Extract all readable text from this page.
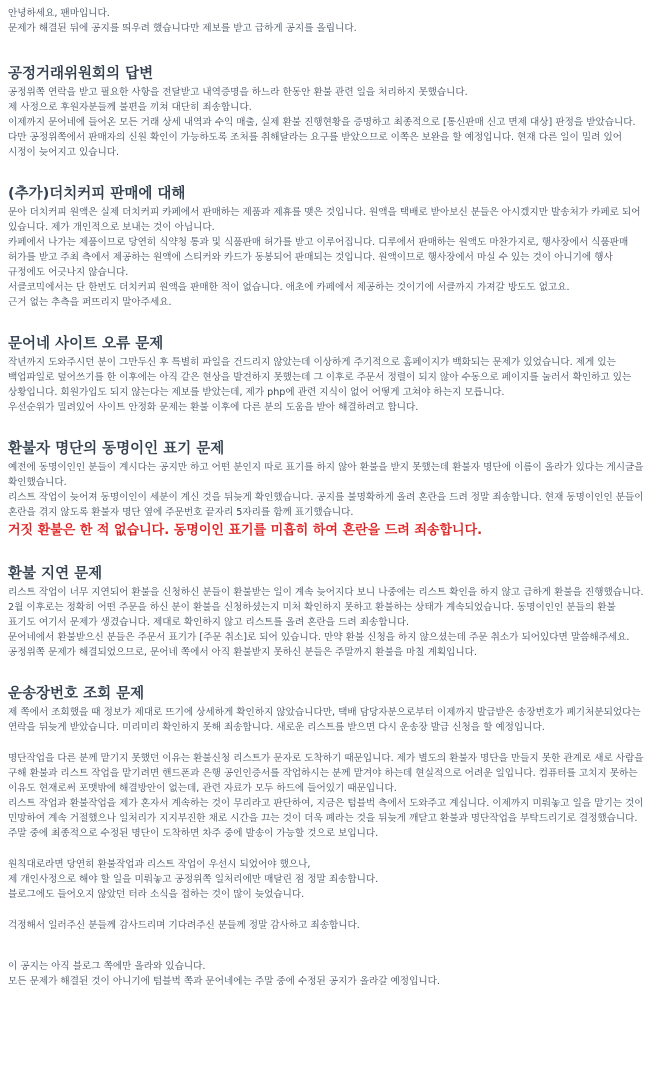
안녕하세요, 팬마입니다.

문제가 해결된 뒤에 공지를 띄우려 했습니다만 제보를 받고 급하게 공지를 올립니다.

공정거래위원회의 답변

공정위쪽 연락을 받고 필요한 사항을 전달받고 내역증명을 하느라 한동안 환불 관련 일을 처리하지 못했습니다.

제 사정으로 후원자분들께 불편을 끼쳐 대단히 죄송합니다.

이제까지 문어네에 들어온 모든 거래 상세 내역과 수익 매출, 실제 환불 진행현황을 증명하고 최종적으로 [통신판매 신고 면제 대상] 판정을 받았습니다.

다만 공정위쪽에서 판매자의 신원 확인이 가능하도록 조처를 취해달라는 요구를 받았으므로 이쪽은 보완을 할 예정입니다. 현재 다른 일이 밀려 있어 시정이 늦어지고 있습니다.

(추가)더치커피 판매에 대해

문아 더치커피 원액은 실제 더치커피 카페에서 판매하는 제품과 제휴를 맺은 것입니다. 원액을 택배로 받아보신 분들은 아시겠지만 발송처가 카페로 되어 있습니다. 제가 개인적으로 보내는 것이 아닙니다.

카페에서 나가는 제품이므로 당연히 식약청 통과 및 식품판매 허가를 받고 이루어집니다. 디루에서 판매하는 원액도 마찬가지로, 행사장에서 식품판매 허가를 받고 주최 측에서 제공하는 원액에 스티커와 카드가 동봉되어 판매되는 것입니다. 원액이므로 행사장에서 마실 수 있는 것이 아니기에 행사 규정에도 어긋나지 않습니다.

서클코믹에서는 단 한번도 더치커피 원액을 판매한 적이 없습니다. 애초에 카페에서 제공하는 것이기에 서클까지 가져갈 방도도 없고요.

근거 없는 추측을 퍼뜨리지 말아주세요.

문어네 사이트 오류 문제

작년까지 도와주시던 분이 그만두신 후 특별히 파일을 건드리지 않았는데 이상하게 주기적으로 홈페이지가 백화되는 문제가 있었습니다. 제게 있는 백업파일로 덮어쓰기를 한 이후에는 아직 같은 현상을 발견하지 못했는데 그 이후로 주문서 정렬이 되지 않아 수동으로 페이지를 눌러서 확인하고 있는 상황입니다. 회원가입도 되지 않는다는 제보를 받았는데, 제가 php에 관련 지식이 없어 어떻게 고쳐야 하는지 모릅니다.

우선순위가 밀려있어 사이트 안정화 문제는 환불 이후에 다른 분의 도움을 받아 해결하려고 합니다.

환불자 명단의 동명이인 표기 문제

예전에 동명이인인 분들이 계시다는 공지만 하고 어떤 분인지 따로 표기를 하지 않아 환불을 받지 못했는데 환불자 명단에 이름이 올라가 있다는 게시글을 확인했습니다.

리스트 작업이 늦어져 동명이인이 세분이 계신 것을 뒤늦게 확인했습니다. 공지를 불명확하게 올려 혼란을 드려 정말 죄송합니다. 현재 동명이인인 분들이 혼란을 겪지 않도록 환불자 명단 옆에 주문번호 끝자리 5자리를 함께 표기했습니다.

거짓 환불은 한 적 없습니다. 동명이인 표기를 미흡히 하여 혼란을 드려 죄송합니다.

환불 지연 문제

리스트 작업이 너무 지연되어 환불을 신청하신 분들이 환불받는 일이 계속 늦어지다 보니 나중에는 리스트 확인을 하지 않고 급하게 환불을 진행했습니다. 2월 이후로는 정확히 어떤 주문을 하신 분이 환불을 신청하셨는지 미처 확인하지 못하고 환불하는 상태가 계속되었습니다. 동명이인인 분들의 환불 표기도 여기서 문제가 생겼습니다. 제대로 확인하지 않고 리스트를 올려 혼란을 드려 죄송합니다.

문어네에서 환불받으신 분들은 주문서 표기가 [주문 취소]로 되어 있습니다. 만약 환불 신청을 하지 않으셨는데 주문 취소가 되어있다면 말씀해주세요. 공정위쪽 문제가 해결되었으므로, 문어네 쪽에서 아직 환불받지 못하신 분들은 주말까지 환불을 마칠 계획입니다.

운송장번호 조회 문제

제 쪽에서 조회했을 때 정보가 제대로 뜨기에 상세하게 확인하지 않았습니다만, 택배 담당자분으로부터 이제까지 발급받은 송장번호가 폐기처분되었다는 연락을 뒤늦게 받았습니다. 미리미리 확인하지 못해 죄송합니다. 새로운 리스트를 받으면 다시 운송장 발급 신청을 할 예정입니다.

명단작업을 다른 분께 맡기지 못했던 이유는 환불신청 리스트가 문자로 도착하기 때문입니다. 제가 별도의 환불자 명단을 만들지 못한 관계로 새로 사람을 구해 환불과 리스트 작업을 맡기려면 핸드폰과 은행 공인인증서를 작업하시는 분께 맡겨야 하는데 현실적으로 어려운 일입니다. 컴퓨터를 고치지 못하는 이유도 현재로써 포맷밖에 해결방안이 없는데, 관련 자료가 모두 하드에 들어있기 때문입니다.

리스트 작업과 환불작업을 제가 혼자서 계속하는 것이 무리라고 판단하여, 지금은 텀블벅 측에서 도와주고 계십니다. 이제까지 미뤄놓고 일을 맡기는 것이 민망하여 계속 거절했으나 일처리가 지지부진한 채로 시간을 끄는 것이 더욱 폐라는 것을 뒤늦게 깨닫고 환불과 명단작업을 부탁드리기로 결정했습니다. 주말 중에 최종적으로 수정된 명단이 도착하면 차주 중에 발송이 가능할 것으로 보입니다.

원칙대로라면 당연히 환불작업과 리스트 작업이 우선시 되었어야 했으나,

제 개인사정으로 해야 할 일을 미뤄놓고 공정위쪽 일처리에만 매달린 점 정말 죄송합니다.

블로그에도 들어오지 않았던 터라 소식을 접하는 것이 많이 늦었습니다.

걱정해서 일러주신 분들께 감사드리며 기다려주신 분들께 정말 감사하고 죄송합니다.

이 공지는 아직 블로그 쪽에만 올라와 있습니다.

모든 문제가 해결된 것이 아니기에 텀블벅 쪽과 문어네에는 주말 중에 수정된 공지가 올라갈 예정입니다.
